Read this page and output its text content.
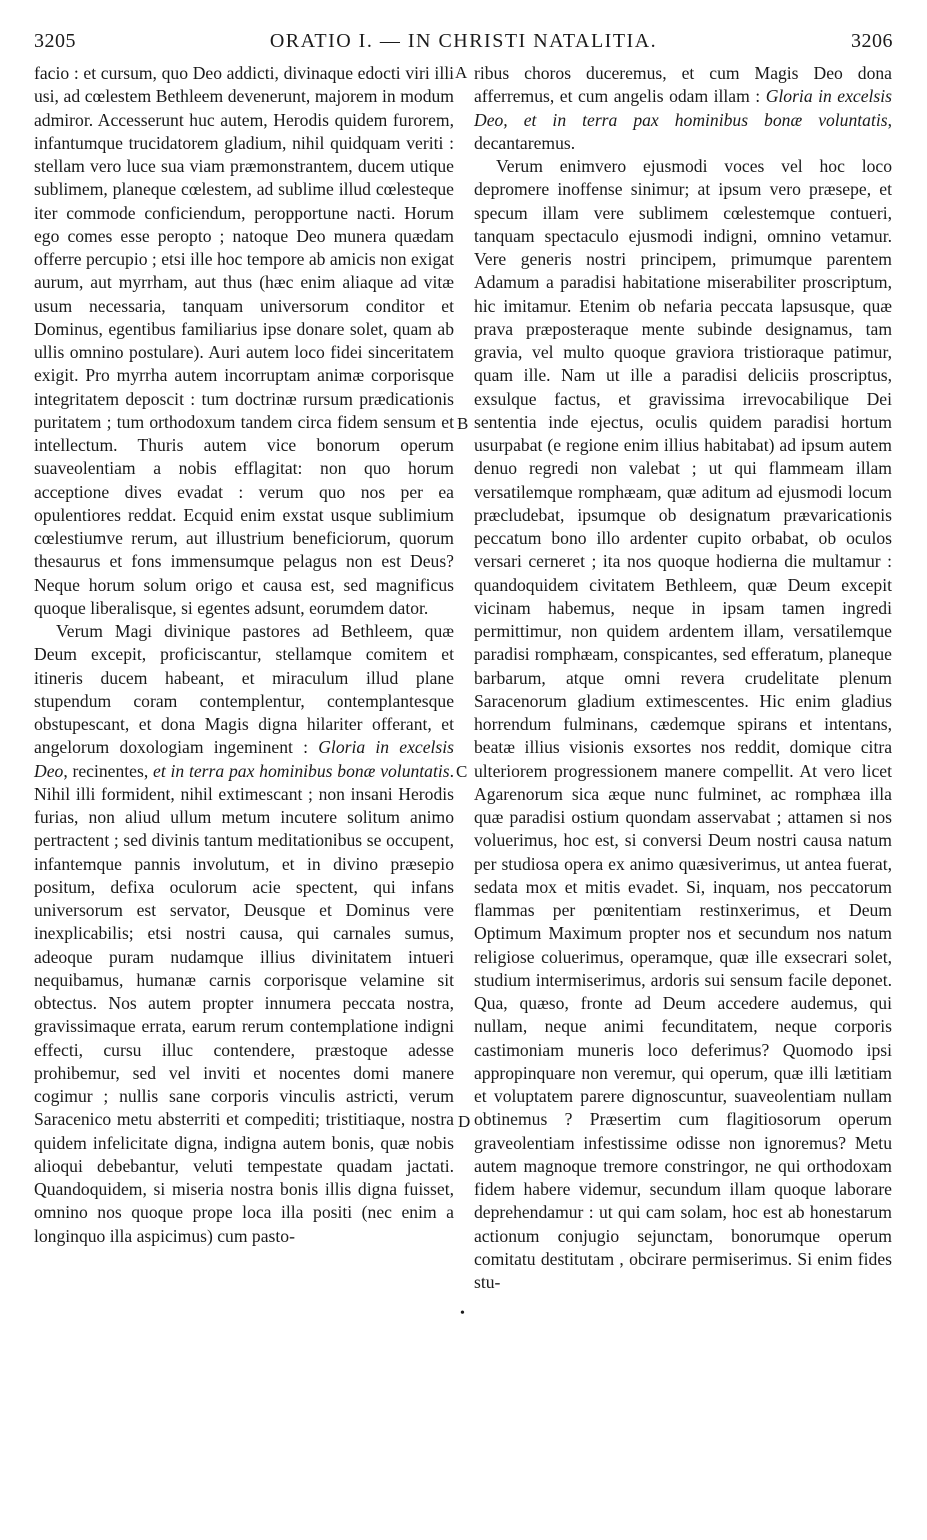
3205	ORATIO I. — IN CHRISTI NATALITIA.	3206
A
B
C
D
•

facio : et cursum, quo Deo addicti, divinaque edocti viri illi usi, ad cœlestem Bethleem devenerunt, majorem in modum admiror. Accesserunt huc autem, Herodis quidem furorem, infantumque trucidatorem gladium, nihil quidquam veriti : stellam vero luce sua viam præmonstrantem, ducem utique sublimem, planeque cœlestem, ad sublime illud cœlesteque iter commode conficiendum, peropportune nacti. Horum ego comes esse peropto ; natoque Deo munera quædam offerre percupio ; etsi ille hoc tempore ab amicis non exigat aurum, aut myrrham, aut thus (hæc enim aliaque ad vitæ usum necessaria, tanquam universorum conditor et Dominus, egentibus familiarius ipse donare solet, quam ab ullis omnino postulare). Auri autem loco fidei sinceritatem exigit. Pro myrrha autem incorruptam animæ corporisque integritatem deposcit : tum doctrinæ rursum prædicationis puritatem ; tum orthodoxum tandem circa fidem sensum et intellectum. Thuris autem vice bonorum operum suaveolentiam a nobis efflagitat: non quo horum acceptione dives evadat : verum quo nos per ea opulentiores reddat. Ecquid enim exstat usque sublimium cœlestiumve rerum, aut illustrium beneficiorum, quorum thesaurus et fons immensumque pelagus non est Deus? Neque horum solum origo et causa est, sed magnificus quoque liberalisque, si egentes adsunt, eorumdem dator.

Verum Magi divinique pastores ad Bethleem, quæ Deum excepit, proficiscantur, stellamque comitem et itineris ducem habeant, et miraculum illud plane stupendum coram contemplentur, contemplantesque obstupescant, et dona Magis digna hilariter offerant, et angelorum doxologiam ingeminent : Gloria in excelsis Deo, recinentes, et in terra pax hominibus bonæ voluntatis. Nihil illi formident, nihil extimescant ; non insani Herodis furias, non aliud ullum metum incutere solitum animo pertractent ; sed divinis tantum meditationibus se occupent, infantemque pannis involutum, et in divino præsepio positum, defixa oculorum acie spectent, qui infans universorum est servator, Deusque et Dominus vere inexplicabilis; etsi nostri causa, qui carnales sumus, adeoque puram nudamque illius divinitatem intueri nequibamus, humanæ carnis corporisque velamine sit obtectus. Nos autem propter innumera peccata nostra, gravissimaque errata, earum rerum contemplatione indigni effecti, cursu illuc contendere, præstoque adesse prohibemur, sed vel inviti et nocentes domi manere cogimur ; nullis sane corporis vinculis astricti, verum Saracenico metu absterriti et compediti; tristitiaque, nostra quidem infelicitate digna, indigna autem bonis, quæ nobis alioqui debebantur, veluti tempestate quadam jactati. Quandoquidem, si miseria nostra bonis illis digna fuisset, omnino nos quoque prope loca illa positi (nec enim a longinquo illa aspicimus) cum pasto-

ribus choros duceremus, et cum Magis Deo dona afferremus, et cum angelis odam illam : Gloria in excelsis Deo, et in terra pax hominibus bonæ voluntatis, decantaremus.

Verum enimvero ejusmodi voces vel hoc loco depromere inoffense sinimur; at ipsum vero præsepe, et specum illam vere sublimem cœlestemque contueri, tanquam spectaculo ejusmodi indigni, omnino vetamur. Vere generis nostri principem, primumque parentem Adamum a paradisi habitatione miserabiliter proscriptum, hic imitamur. Etenim ob nefaria peccata lapsusque, quæ prava præposteraque mente subinde designamus, tam gravia, vel multo quoque graviora tristioraque patimur, quam ille. Nam ut ille a paradisi deliciis proscriptus, exsulque factus, et gravissima irrevocabilique Dei sententia inde ejectus, oculis quidem paradisi hortum usurpabat (e regione enim illius habitabat) ad ipsum autem denuo regredi non valebat ; ut qui flammeam illam versatilemque romphæam, quæ aditum ad ejusmodi locum præcludebat, ipsumque ob designatum prævaricationis peccatum bono illo ardenter cupito orbabat, ob oculos versari cerneret ; ita nos quoque hodierna die multamur : quandoquidem civitatem Bethleem, quæ Deum excepit vicinam habemus, neque in ipsam tamen ingredi permittimur, non quidem ardentem illam, versatilemque paradisi romphæam, conspicantes, sed efferatum, planeque barbarum, atque omni revera crudelitate plenum Saracenorum gladium extimescentes. Hic enim gladius horrendum fulminans, cædemque spirans et intentans, beatæ illius visionis exsortes nos reddit, domique citra ulteriorem progressionem manere compellit. At vero licet Agarenorum sica æque nunc fulminet, ac romphæa illa quæ paradisi ostium quondam asservabat ; attamen si nos voluerimus, hoc est, si conversi Deum nostri causa natum per studiosa opera ex animo quæsiverimus, ut antea fuerat, sedata mox et mitis evadet. Si, inquam, nos peccatorum flammas per pœnitentiam restinxerimus, et Deum Optimum Maximum propter nos et secundum nos natum religiose coluerimus, operamque, quæ ille exsecrari solet, studium intermiserimus, ardoris sui sensum facile deponet. Qua, quæso, fronte ad Deum accedere audemus, qui nullam, neque animi fecunditatem, neque corporis castimoniam muneris loco deferimus? Quomodo ipsi appropinquare non veremur, qui operum, quæ illi lætitiam et voluptatem parere dignoscuntur, suaveolentiam nullam obtinemus ? Præsertim cum flagitiosorum operum graveolentiam infestissime odisse non ignoremus? Metu autem magnoque tremore constringor, ne qui orthodoxam fidem habere videmur, secundum illam quoque laborare deprehendamur : ut qui cam solam, hoc est ab honestarum actionum conjugio sejunctam, bonorumque operum comitatu destitutam , obcirare permiserimus. Si enim fides stu-
